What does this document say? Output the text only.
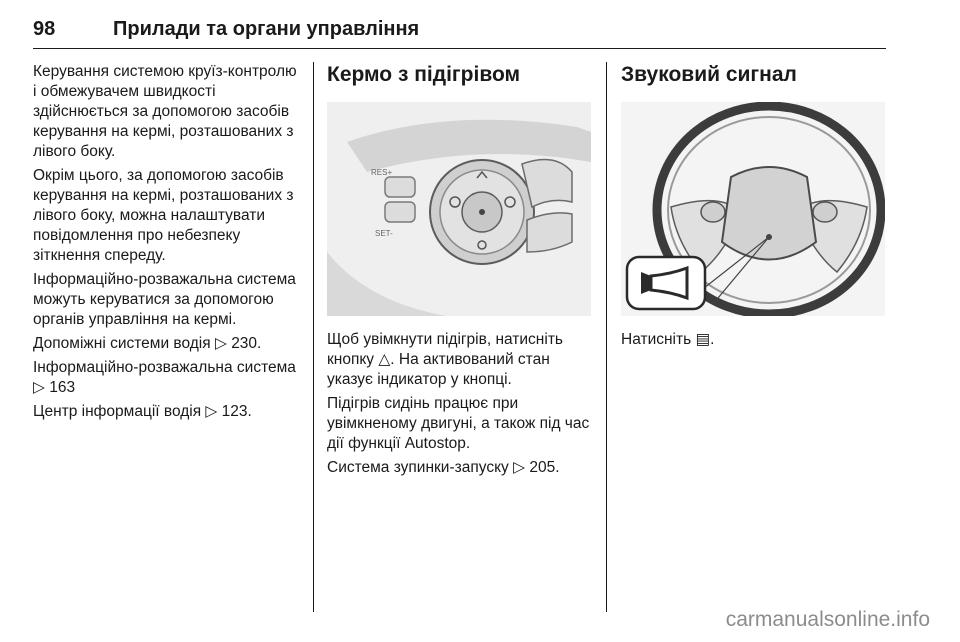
98	Прилади та органи управління

Керування системою круїз-контролю і обмежувачем швидкості здійснюється за допомогою засобів керування на кермі, розташованих з лівого боку.

Окрім цього, за допомогою засобів керування на кермі, розташованих з лівого боку, можна налаштувати повідомлення про небезпеку зіткнення спереду.

Інформаційно-розважальна система можуть керуватися за допомогою органів управління на кермі.

Допоміжні системи водія ▷ 230.

Інформаційно-розважальна система ▷ 163

Центр інформації водія ▷ 123.

Кермо з підігрівом
RES+
SET-

Щоб увімкнути підігрів, натисніть кнопку △. На активований стан указує індикатор у кнопці.

Підігрів сидінь працює при увімкненому двигуні, а також під час дії функції Autostop.

Система зупинки-запуску ▷ 205.

Звуковий сигнал

Натисніть ▤.

carmanualsonline.info
